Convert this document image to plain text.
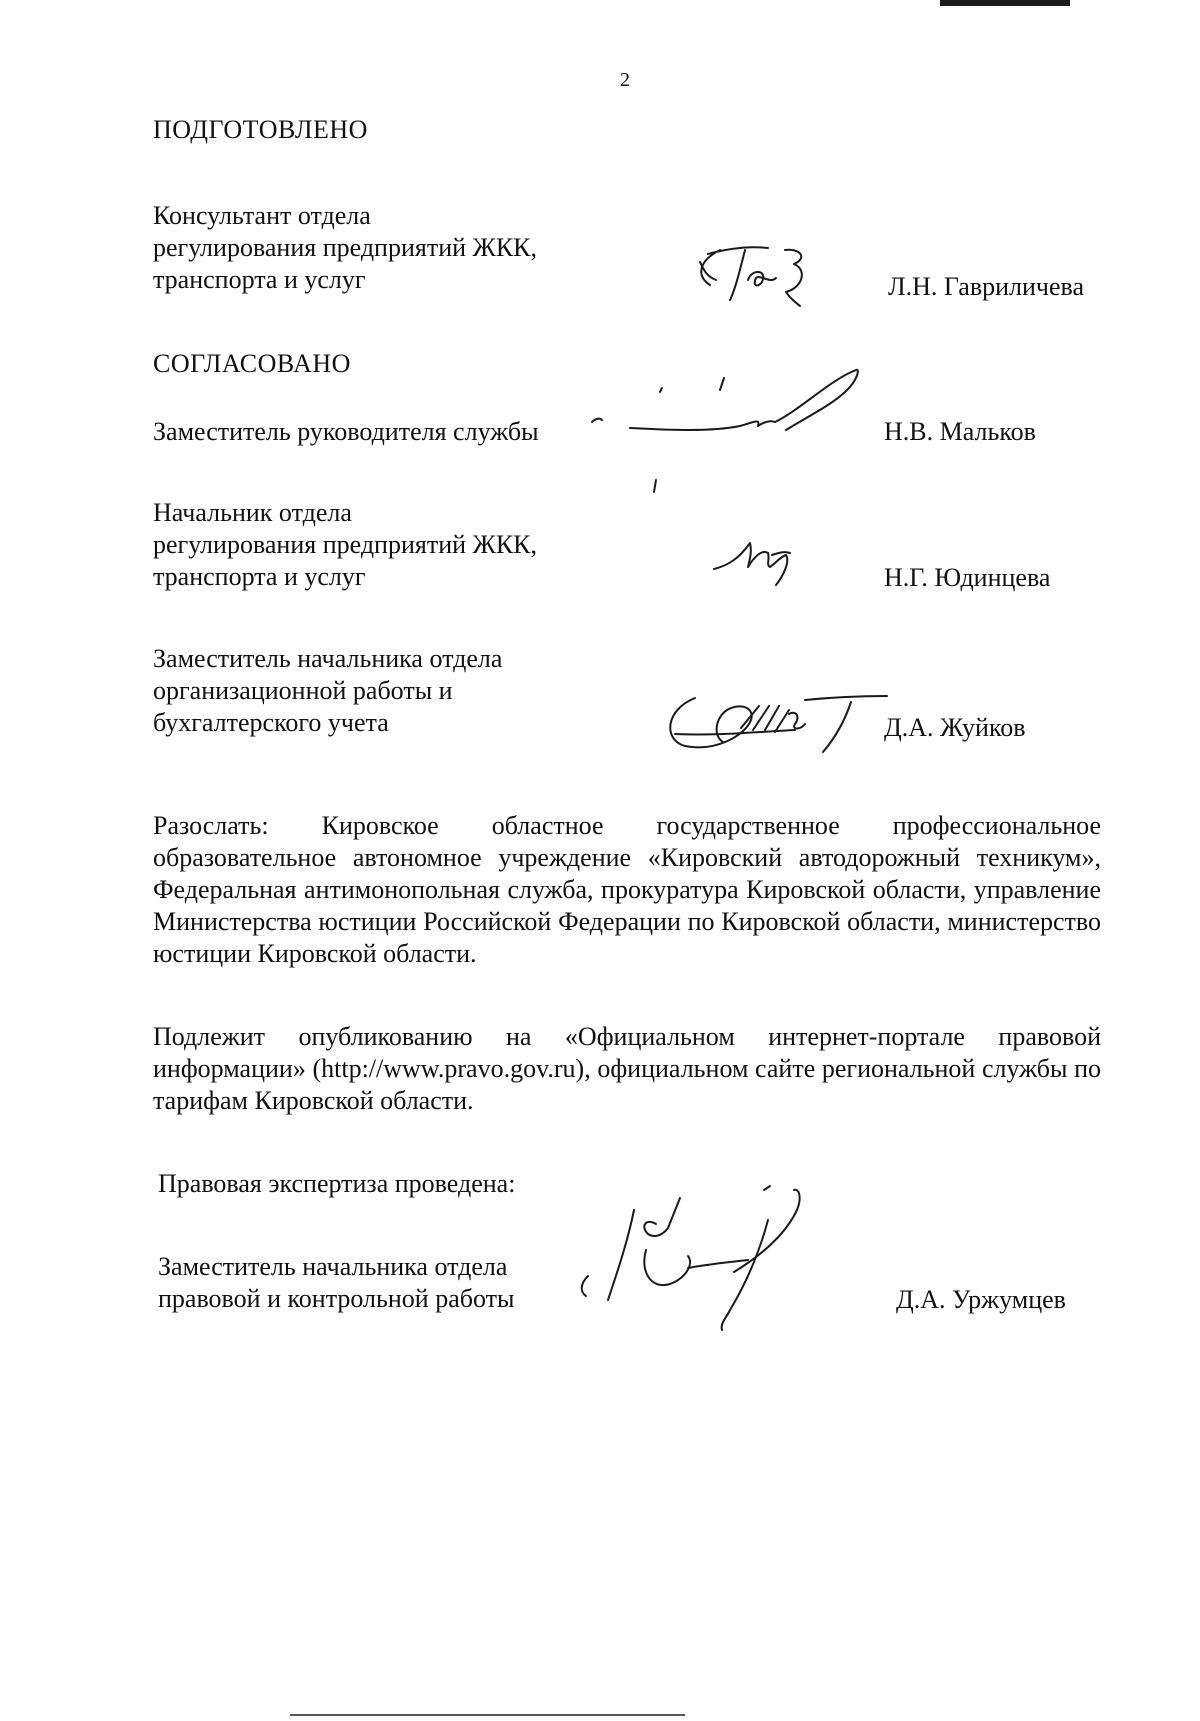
2
ПОДГОТОВЛЕНО
Консультант отдела
регулирования предприятий ЖКК,
транспорта и услуг	Л.Н. Гавриличева
СОГЛАСОВАНО
Заместитель руководителя службы	Н.В. Мальков
Начальник отдела
регулирования предприятий ЖКК,
транспорта и услуг	Н.Г. Юдинцева
Заместитель начальника отдела
организационной работы и
бухгалтерского учета	Д.А. Жуйков
Разослать: Кировское областное государственное профессиональное образовательное автономное учреждение «Кировский автодорожный техникум», Федеральная антимонопольная служба, прокуратура Кировской области, управление Министерства юстиции Российской Федерации по Кировской области, министерство юстиции Кировской области.
Подлежит опубликованию на «Официальном интернет-портале правовой информации» (http://www.pravo.gov.ru), официальном сайте региональной службы по тарифам Кировской области.
Правовая экспертиза проведена:
Заместитель начальника отдела
правовой и контрольной работы	Д.А. Уржумцев
